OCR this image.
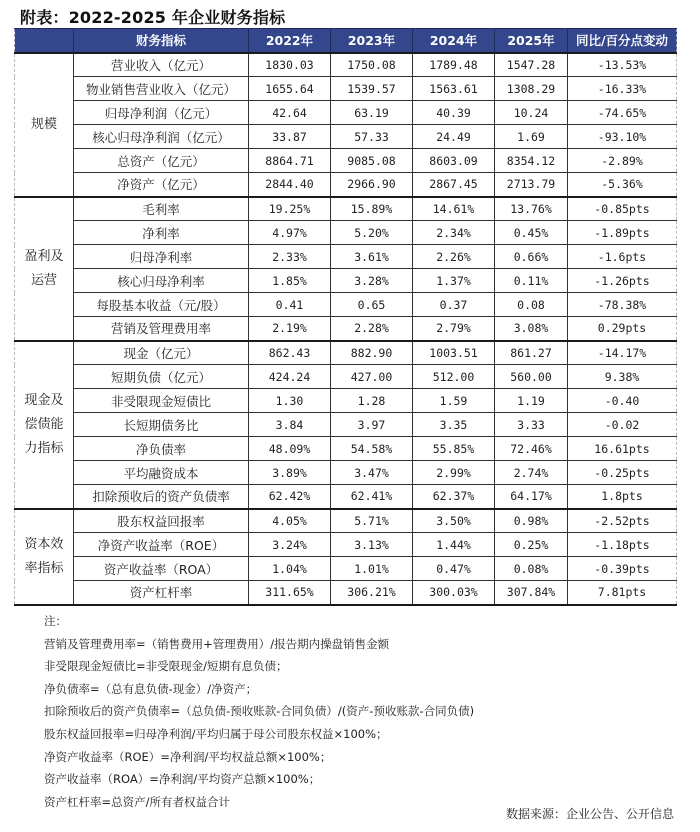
附表：2022-2025 年企业财务指标
	财务指标	2022年	2023年	2024年	2025年	同比/百分点变动
规模	营业收入（亿元）	1830.03	1750.08	1789.48	1547.28	-13.53%
	物业销售营业收入（亿元）	1655.64	1539.57	1563.61	1308.29	-16.33%
	归母净利润（亿元）	42.64	63.19	40.39	10.24	-74.65%
	核心归母净利润（亿元）	33.87	57.33	24.49	1.69	-93.10%
	总资产（亿元）	8864.71	9085.08	8603.09	8354.12	-2.89%
	净资产（亿元）	2844.40	2966.90	2867.45	2713.79	-5.36%
盈利及运营	毛利率	19.25%	15.89%	14.61%	13.76%	-0.85pts
	净利率	4.97%	5.20%	2.34%	0.45%	-1.89pts
	归母净利率	2.33%	3.61%	2.26%	0.66%	-1.6pts
	核心归母净利率	1.85%	3.28%	1.37%	0.11%	-1.26pts
	每股基本收益（元/股）	0.41	0.65	0.37	0.08	-78.38%
	营销及管理费用率	2.19%	2.28%	2.79%	3.08%	0.29pts
现金及偿债能力指标	现金（亿元）	862.43	882.90	1003.51	861.27	-14.17%
	短期负债（亿元）	424.24	427.00	512.00	560.00	9.38%
	非受限现金短债比	1.30	1.28	1.59	1.19	-0.40
	长短期债务比	3.84	3.97	3.35	3.33	-0.02
	净负债率	48.09%	54.58%	55.85%	72.46%	16.61pts
	平均融资成本	3.89%	3.47%	2.99%	2.74%	-0.25pts
	扣除预收后的资产负债率	62.42%	62.41%	62.37%	64.17%	1.8pts
资本效率指标	股东权益回报率	4.05%	5.71%	3.50%	0.98%	-2.52pts
	净资产收益率（ROE）	3.24%	3.13%	1.44%	0.25%	-1.18pts
	资产收益率（ROA）	1.04%	1.01%	0.47%	0.08%	-0.39pts
	资产杠杆率	311.65%	306.21%	300.03%	307.84%	7.81pts
注：
营销及管理费用率=（销售费用+管理费用）/报告期内操盘销售金额
非受限现金短债比=非受限现金/短期有息负债；
净负债率=（总有息负债-现金）/净资产；
扣除预收后的资产负债率=（总负债-预收账款-合同负债）/(资产-预收账款-合同负债)
股东权益回报率=归母净利润/平均归属于母公司股东权益×100%；
净资产收益率（ROE）=净利润/平均权益总额×100%；
资产收益率（ROA）=净利润/平均资产总额×100%；
资产杠杆率=总资产/所有者权益合计
数据来源：企业公告、公开信息
